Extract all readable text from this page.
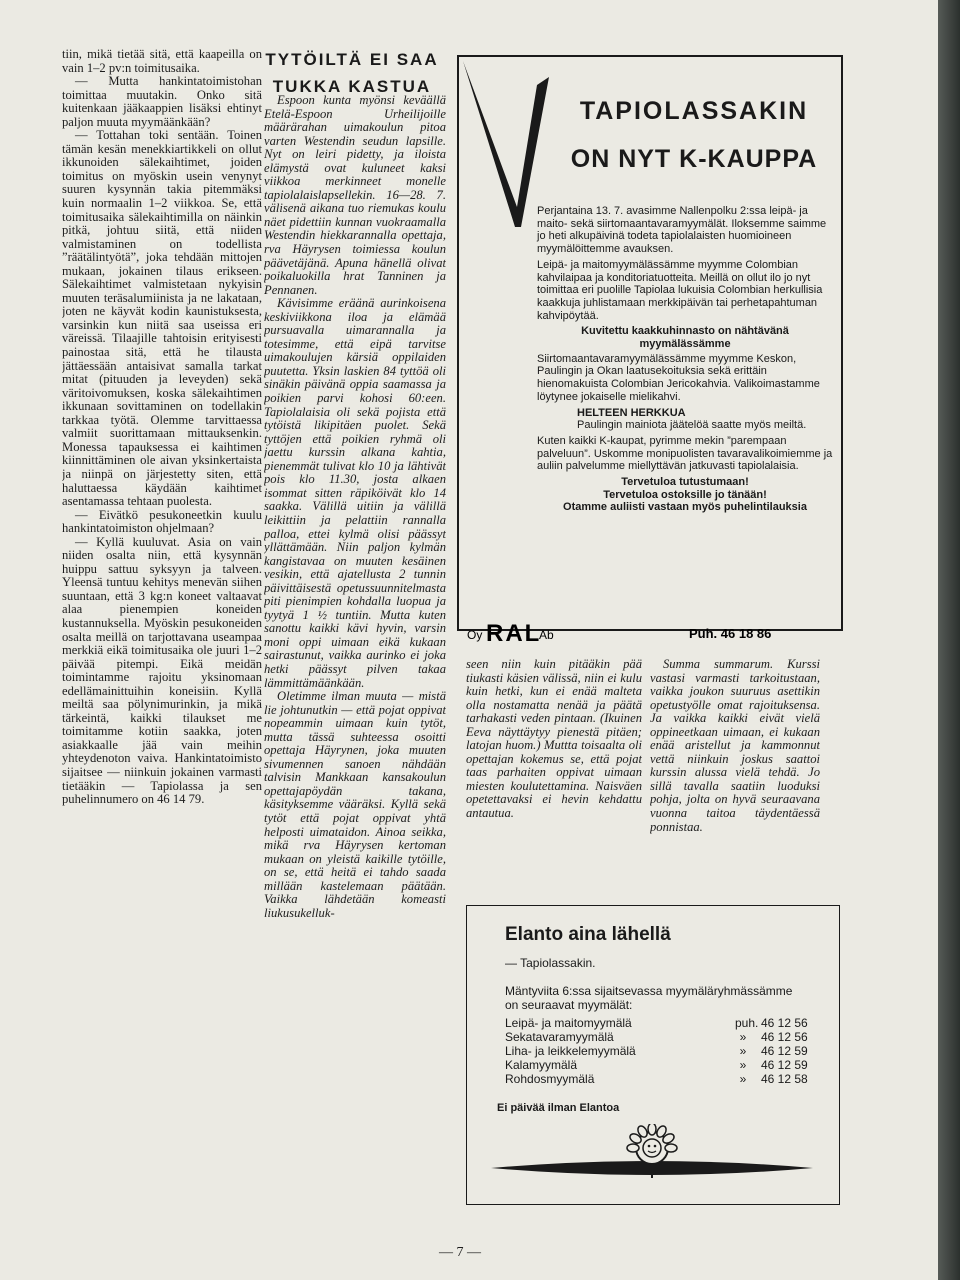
tiin, mikä tietää sitä, että kaapeilla on vain 1–2 pv:n toimitusaika.

— Mutta hankintatoimistohan toimittaa muutakin. Onko sitä kuitenkaan jääkaappien lisäksi ehtinyt paljon muuta myymäänkään?

— Tottahan toki sentään. Toinen tämän kesän menekkiartikkeli on ollut ikkunoiden sälekaihtimet, joiden toimitus on myöskin usein venynyt suuren kysynnän takia pitemmäksi kuin normaalin 1–2 viikkoa. Se, että toimitusaika sälekaihtimilla on näinkin pitkä, johtuu siitä, että niiden valmistaminen on todellista ”räätälintyötä”, joka tehdään mittojen mukaan, jokainen tilaus erikseen. Sälekaihtimet valmistetaan nykyisin muuten teräsalumiinista ja ne lakataan, joten ne käyvät kodin kaunistuksesta, varsinkin kun niitä saa useissa eri väreissä. Tilaajille tahtoisin erityisesti painostaa sitä, että he tilausta jättäessään antaisivat samalla tarkat mitat (pituuden ja leveyden) sekä väritoivomuksen, koska sälekaihtimen ikkunaan sovittaminen on todellakin tarkkaa työtä. Olemme tarvittaessa valmiit suorittamaan mittauksenkin. Monessa tapauksessa ei kaihtimen kiinnittäminen ole aivan yksinkertaista ja niinpä on järjestetty siten, että haluttaessa käydään kaihtimet asentamassa tehtaan puolesta.

— Eivätkö pesukoneetkin kuulu hankintatoimiston ohjelmaan?

— Kyllä kuuluvat. Asia on vain niiden osalta niin, että kysynnän huippu sattuu syksyyn ja talveen. Yleensä tuntuu kehitys menevän siihen suuntaan, että 3 kg:n koneet valtaavat alaa pienempien koneiden kustannuksella. Myöskin pesukoneiden osalta meillä on tarjottavana useampaa merkkiä eikä toimitusaika ole juuri 1–2 päivää pitempi. Eikä meidän toimintamme rajoitu yksinomaan edellämainittuihin koneisiin. Kyllä meiltä saa pölynimurinkin, ja mikä tärkeintä, kaikki tilaukset me toimitamme kotiin saakka, joten asiakkaalle jää vain meihin yhteydenoton vaiva. Hankintatoimisto sijaitsee — niinkuin jokainen varmasti tietääkin — Tapiolassa ja sen puhelinnumero on 46 14 79.

TYTÖILTÄ EI SAA TUKKA KASTUA

Espoon kunta myönsi keväällä Etelä-Espoon Urheilijoille määrärahan uimakoulun pitoa varten Westendin seudun lapsille. Nyt on leiri pidetty, ja iloista elämystä ovat kuluneet kaksi viikkoa merkinneet monelle tapiolalaislapsellekin. 16—28. 7. välisenä aikana tuo riemukas koulu näet pidettiin kunnan vuokraamalla Westendin hiekkarannalla opettaja, rva Häyrysen toimiessa koulun päävetäjänä. Apuna hänellä olivat poikaluokilla hrat Tanninen ja Pennanen.

Kävisimme eräänä aurinkoisena keskiviikkona iloa ja elämää pursuavalla uimarannalla ja totesimme, että eipä tarvitse uimakoulujen kärsiä oppilaiden puutetta. Yksin laskien 84 tyttöä oli sinäkin päivänä oppia saamassa ja poikien parvi kohosi 60:een. Tapiolalaisia oli sekä pojista että tytöistä likipitäen puolet. Sekä tyttöjen että poikien ryhmä oli jaettu kurssin alkana kahtia, pienemmät tulivat klo 10 ja lähtivät pois klo 11.30, josta alkaen isommat sitten räpiköivät klo 14 saakka. Välillä uitiin ja välillä leikittiin ja pelattiin rannalla palloa, ettei kylmä olisi päässyt yllättämään. Niin paljon kylmän kangistavaa on muuten kesäinen vesikin, että ajatellusta 2 tunnin päivittäisestä opetussuunnitelmasta piti pienimpien kohdalla luopua ja tyytyä 1 ½ tuntiin. Mutta kuten sanottu kaikki kävi hyvin, varsin moni oppi uimaan eikä kukaan sairastunut, vaikka aurinko ei joka hetki päässyt pilven takaa lämmittämäänkään.

Oletimme ilman muuta — mistä lie johtunutkin — että pojat oppivat nopeammin uimaan kuin tytöt, mutta tässä suhteessa osoitti opettaja Häyrynen, joka muuten sivumennen sanoen nähdään talvisin Mankkaan kansakoulun opettajapöydän takana, käsityksemme vääräksi. Kyllä sekä tytöt että pojat oppivat yhtä helposti uimataidon. Ainoa seikka, mikä rva Häyrysen kertoman mukaan on yleistä kaikille tytöille, on se, että heitä ei tahdo saada millään kastelemaan päätään. Vaikka lähdetään komeasti liukusukelluk-

TAPIOLASSAKIN
ON NYT K-KAUPPA

Perjantaina 13. 7. avasimme Nallenpolku 2:ssa leipä- ja maito- sekä siirtomaantavaramyymälät. Iloksemme saimme jo heti alkupäivinä todeta tapiolalaisten huomioineen myymälöittemme avauksen.

Leipä- ja maitomyymälässämme myymme Colombian kahvilaipaa ja konditoriatuotteita. Meillä on ollut ilo jo nyt toimittaa eri puolille Tapiolaa lukuisia Colombian herkullisia kaakkuja juhlistamaan merkkipäivän tai perhetapahtuman kahvipöytää.

Kuvitettu kaakkuhinnasto on nähtävänä myymälässämme

Siirtomaantavaramyymälässämme myymme Keskon, Paulingin ja Okan laatusekoituksia sekä erittäin hienomakuista Colombian Jericokahvia. Valikoimastamme löytynee jokaiselle mielikahvi.

HELTEEN HERKKUA

Paulingin mainiota jäätelöä saatte myös meiltä.

Kuten kaikki K-kaupat, pyrimme mekin ”parempaan palveluun”. Uskomme monipuolisten tavaravalikoimiemme ja auliin palvelumme miellyttävän jatkuvasti tapiolalaisia.

Tervetuloa tutustumaan!

Tervetuloa ostoksille jo tänään!

Otamme auliisti vastaan myös puhelintilauksia

Oy RAL
Ab	Puh. 46 18 86

seen niin kuin pitääkin pää tiukasti käsien välissä, niin ei kulu kuin hetki, kun ei enää malteta olla nostamatta nenää ja päätä tarhakasti veden pintaan. (Ikuinen Eeva näyttäytyy pienestä pitäen; latojan huom.) Muttta toisaalta oli opettajan kokemus se, että pojat taas parhaiten oppivat uimaan miesten koulutettamina. Naisväen opetettavaksi ei hevin kehdattu antautua.

Summa summarum. Kurssi vastasi varmasti tarkoitustaan, vaikka joukon suuruus asettikin opetustyölle omat rajoituksensa. Ja vaikka kaikki eivät vielä oppineetkaan uimaan, ei kukaan enää aristellut ja kammonnut vettä niinkuin joskus saattoi kurssin alussa vielä tehdä. Jo sillä tavalla saatiin luoduksi pohja, jolta on hyvä seuraavana vuonna taitoa täydentäessä ponnistaa.

Elanto aina lähellä
— Tapiolassakin.
Mäntyviita 6:ssa sijaitsevassa myymäläryhmässämme on seuraavat myymälät:
Leipä- ja maitomyymälä	puh. 46 12 56
Sekatavaramyymälä	»	46 12 56
Liha- ja leikkelemyymälä	»	46 12 59
Kalamyymälä	»	46 12 59
Rohdosmyymälä	»	46 12 58
Ei päivää ilman Elantoa
— 7 —
